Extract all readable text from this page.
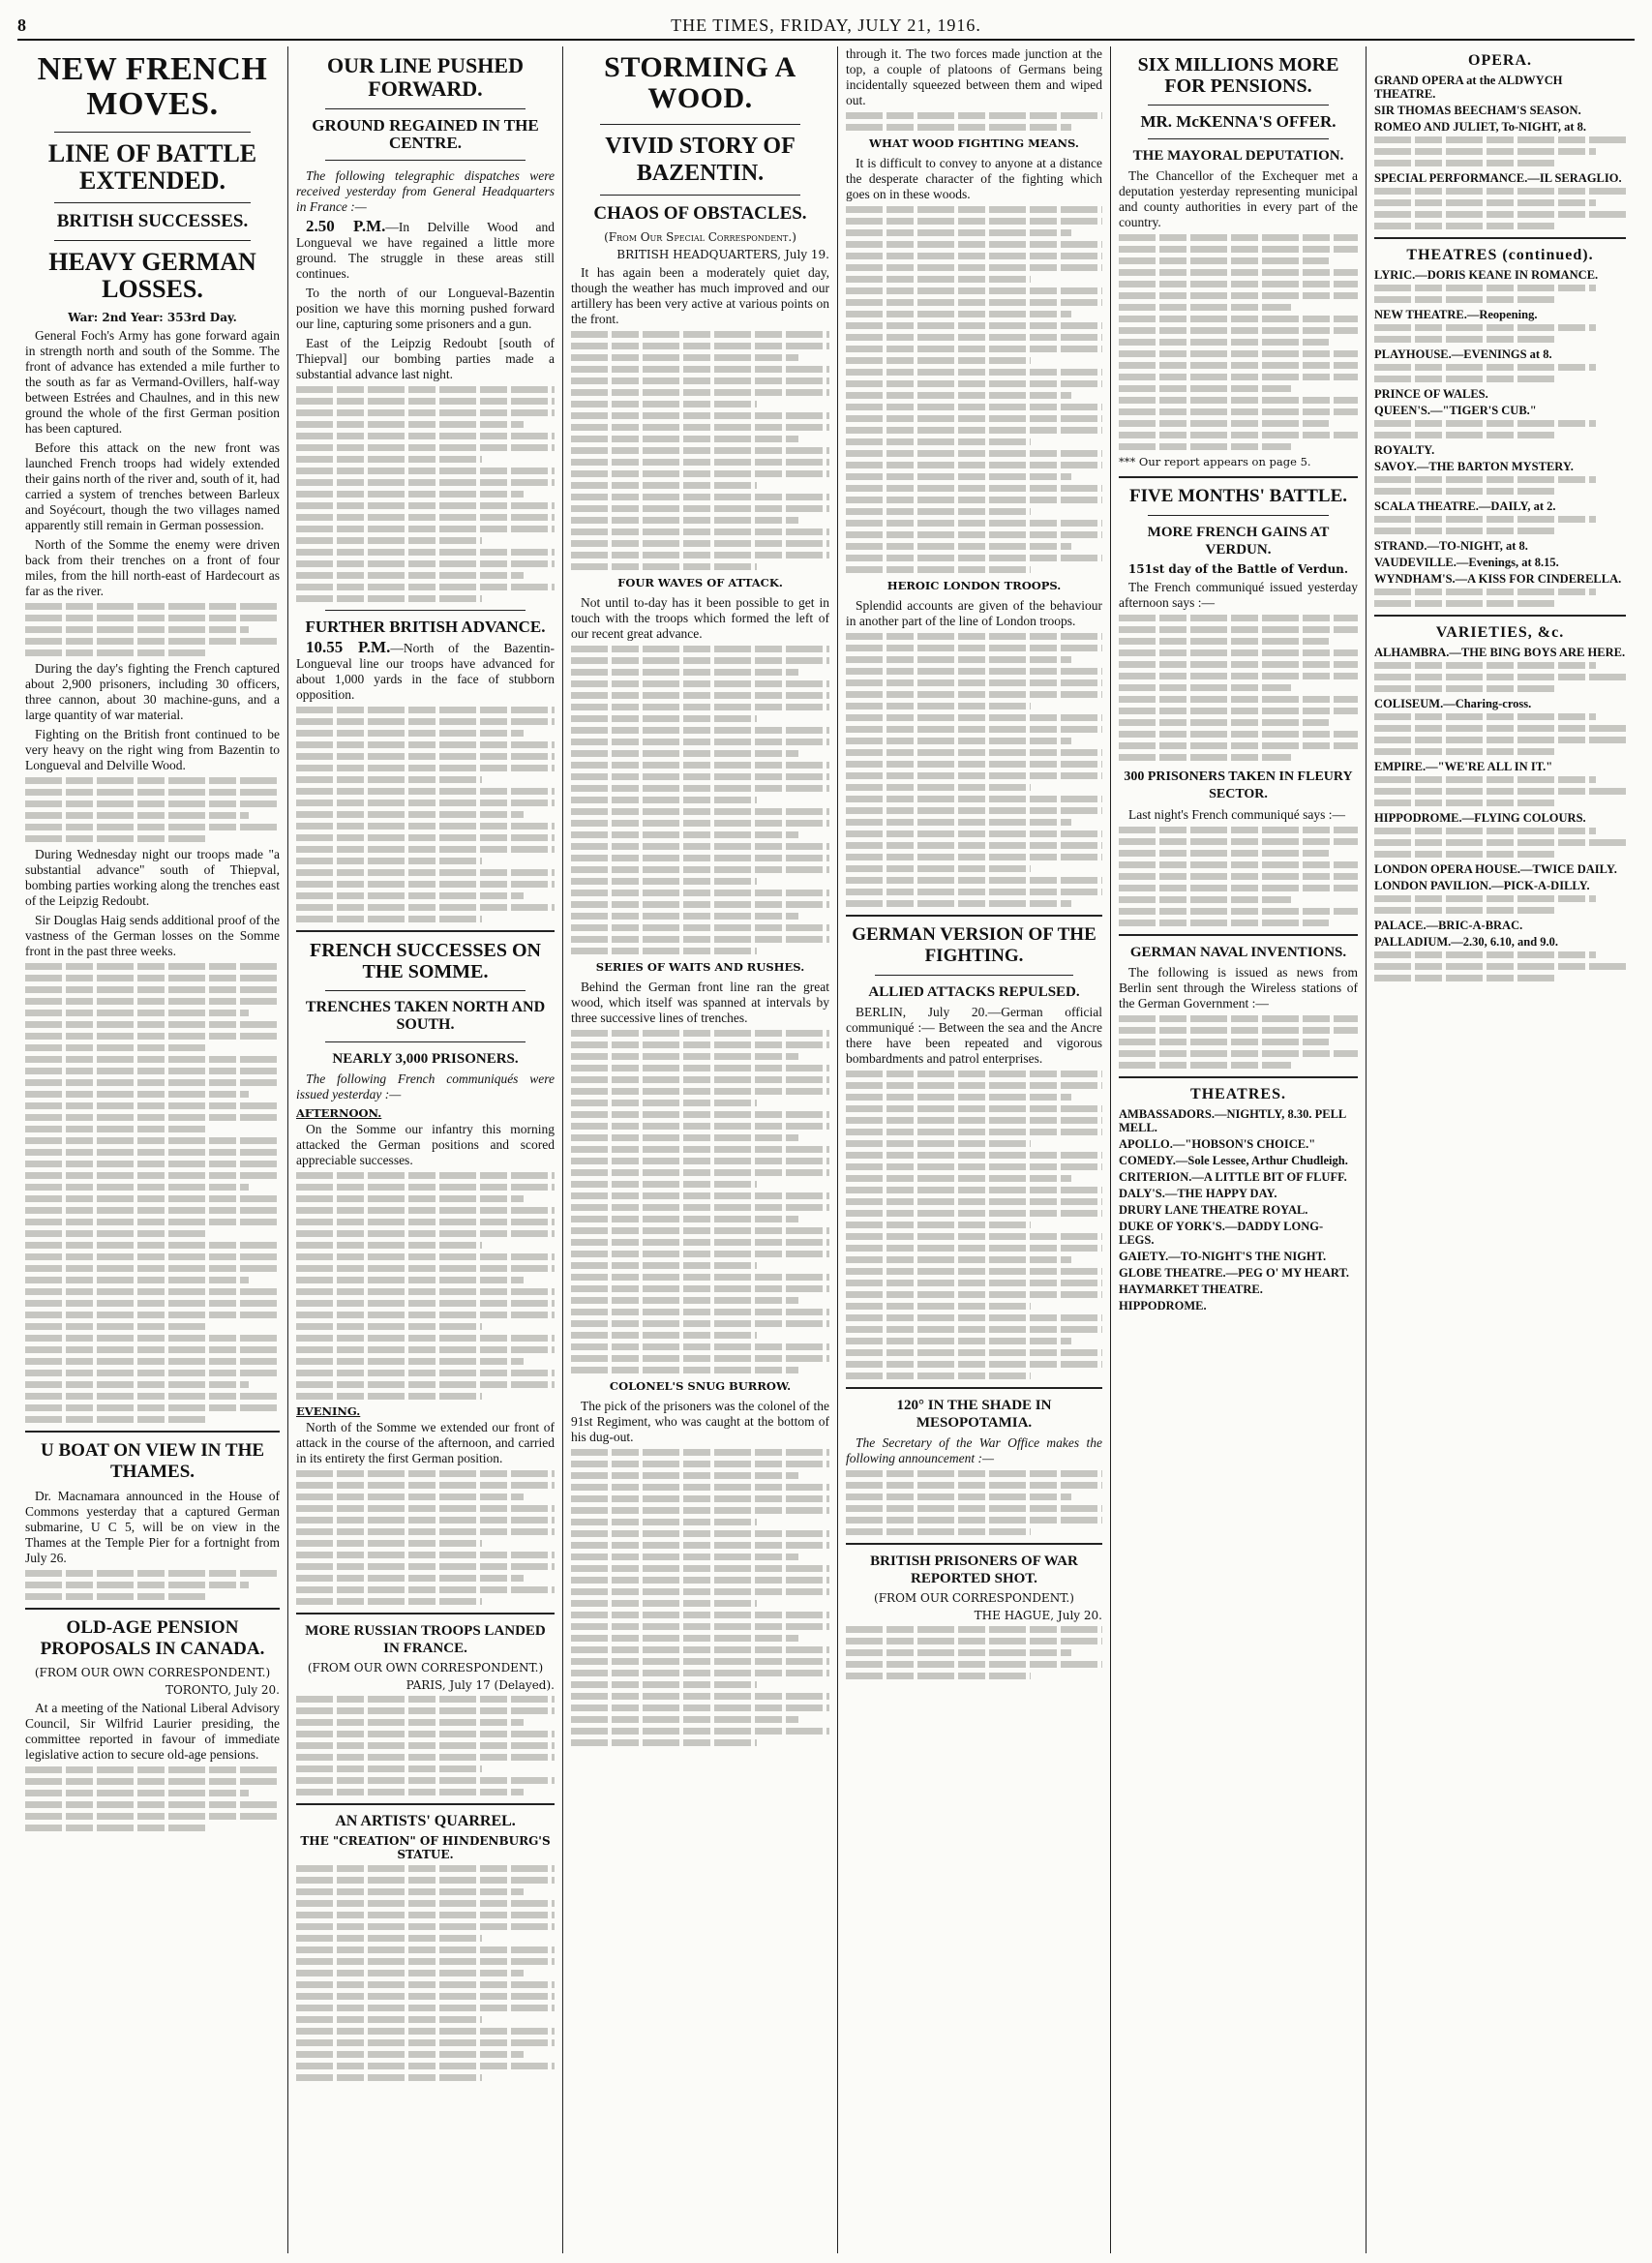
8	THE TIMES, FRIDAY, JULY 21, 1916.
NEW FRENCH MOVES.
LINE OF BATTLE EXTENDED.
BRITISH SUCCESSES.
HEAVY GERMAN LOSSES.
War: 2nd Year: 353rd Day.

General Foch's Army has gone forward again in strength north and south of the Somme. The front of advance has extended a mile further to the south as far as Vermand-Ovillers, half-way between Estrées and Chaulnes, and in this new ground the whole of the first German position has been captured.

Before this attack on the new front was launched French troops had widely extended their gains north of the river and, south of it, had carried a system of trenches between Barleux and Soyécourt, though the two villages named apparently still remain in German possession.

North of the Somme the enemy were driven back from their trenches on a front of four miles, from the hill north-east of Hardecourt as far as the river.

During the day's fighting the French captured about 2,900 prisoners, including 30 officers, three cannon, about 30 machine-guns, and a large quantity of war material.

Fighting on the British front continued to be very heavy on the right wing from Bazentin to Longueval and Delville Wood.

During Wednesday night our troops made "a substantial advance" south of Thiepval, bombing parties working along the trenches east of the Leipzig Redoubt.

Sir Douglas Haig sends additional proof of the vastness of the German losses on the Somme front in the past three weeks.

U BOAT ON VIEW IN THE THAMES.

Dr. Macnamara announced in the House of Commons yesterday that a captured German submarine, U C 5, will be on view in the Thames at the Temple Pier for a fortnight from July 26.

OLD-AGE PENSION PROPOSALS IN CANADA.
(FROM OUR OWN CORRESPONDENT.)
TORONTO, July 20.

At a meeting of the National Liberal Advisory Council, Sir Wilfrid Laurier presiding, the committee reported in favour of immediate legislative action to secure old-age pensions.

OUR LINE PUSHED FORWARD.
GROUND REGAINED IN THE CENTRE.

The following telegraphic dispatches were received yesterday from General Headquarters in France :—

2.50 P.M.—In Delville Wood and Longueval we have regained a little more ground. The struggle in these areas still continues.

To the north of our Longueval-Bazentin position we have this morning pushed forward our line, capturing some prisoners and a gun.

East of the Leipzig Redoubt [south of Thiepval] our bombing parties made a substantial advance last night.

FURTHER BRITISH ADVANCE.

10.55 P.M.—North of the Bazentin-Longueval line our troops have advanced for about 1,000 yards in the face of stubborn opposition.

FRENCH SUCCESSES ON THE SOMME.
TRENCHES TAKEN NORTH AND SOUTH.
NEARLY 3,000 PRISONERS.

The following French communiqués were issued yesterday :—

AFTERNOON.

On the Somme our infantry this morning attacked the German positions and scored appreciable successes.

EVENING.

North of the Somme we extended our front of attack in the course of the afternoon, and carried in its entirety the first German position.

MORE RUSSIAN TROOPS LANDED IN FRANCE.
(FROM OUR OWN CORRESPONDENT.)
PARIS, July 17 (Delayed).
AN ARTISTS' QUARREL.
THE "CREATION" OF HINDENBURG'S STATUE.
STORMING A WOOD.
VIVID STORY OF BAZENTIN.
CHAOS OF OBSTACLES.
(From Our Special Correspondent.)
BRITISH HEADQUARTERS, July 19.

It has again been a moderately quiet day, though the weather has much improved and our artillery has been very active at various points on the front.

FOUR WAVES OF ATTACK.

Not until to-day has it been possible to get in touch with the troops which formed the left of our recent great advance.

SERIES OF WAITS AND RUSHES.

Behind the German front line ran the great wood, which itself was spanned at intervals by three successive lines of trenches.

COLONEL'S SNUG BURROW.

The pick of the prisoners was the colonel of the 91st Regiment, who was caught at the bottom of his dug-out.

through it. The two forces made junction at the top, a couple of platoons of Germans being incidentally squeezed between them and wiped out.

WHAT WOOD FIGHTING MEANS.

It is difficult to convey to anyone at a distance the desperate character of the fighting which goes on in these woods.

HEROIC LONDON TROOPS.

Splendid accounts are given of the behaviour in another part of the line of London troops.

GERMAN VERSION OF THE FIGHTING.
ALLIED ATTACKS REPULSED.

BERLIN, July 20.—German official communiqué :— Between the sea and the Ancre there have been repeated and vigorous bombardments and patrol enterprises.

120° IN THE SHADE IN MESOPOTAMIA.

The Secretary of the War Office makes the following announcement :—

BRITISH PRISONERS OF WAR REPORTED SHOT.
(FROM OUR CORRESPONDENT.)
THE HAGUE, July 20.
SIX MILLIONS MORE FOR PENSIONS.
MR. McKENNA'S OFFER.
THE MAYORAL DEPUTATION.

The Chancellor of the Exchequer met a deputation yesterday representing municipal and county authorities in every part of the country.

*** Our report appears on page 5.
FIVE MONTHS' BATTLE.
MORE FRENCH GAINS AT VERDUN.
151st day of the Battle of Verdun.

The French communiqué issued yesterday afternoon says :—

300 PRISONERS TAKEN IN FLEURY SECTOR.

Last night's French communiqué says :—

GERMAN NAVAL INVENTIONS.

The following is issued as news from Berlin sent through the Wireless stations of the German Government :—

THEATRES.
AMBASSADORS.—NIGHTLY, 8.30. PELL MELL.
APOLLO.—"HOBSON'S CHOICE."
COMEDY.—Sole Lessee, Arthur Chudleigh.
CRITERION.—A LITTLE BIT OF FLUFF.
DALY'S.—THE HAPPY DAY.
DRURY LANE THEATRE ROYAL.
DUKE OF YORK'S.—DADDY LONG-LEGS.
GAIETY.—TO-NIGHT'S THE NIGHT.
GLOBE THEATRE.—PEG O' MY HEART.
HAYMARKET THEATRE.
HIPPODROME.
OPERA.
GRAND OPERA at the ALDWYCH THEATRE.
SIR THOMAS BEECHAM'S SEASON.
ROMEO AND JULIET, To-NIGHT, at 8.
SPECIAL PERFORMANCE.—IL SERAGLIO.
THEATRES (continued).
LYRIC.—DORIS KEANE IN ROMANCE.
NEW THEATRE.—Reopening.
PLAYHOUSE.—EVENINGS at 8.
PRINCE OF WALES.
QUEEN'S.—"TIGER'S CUB."
ROYALTY.
SAVOY.—THE BARTON MYSTERY.
SCALA THEATRE.—DAILY, at 2.
STRAND.—TO-NIGHT, at 8.
VAUDEVILLE.—Evenings, at 8.15.
WYNDHAM'S.—A KISS FOR CINDERELLA.
VARIETIES, &c.
ALHAMBRA.—THE BING BOYS ARE HERE.
COLISEUM.—Charing-cross.
EMPIRE.—"WE'RE ALL IN IT."
HIPPODROME.—FLYING COLOURS.
LONDON OPERA HOUSE.—TWICE DAILY.
LONDON PAVILION.—PICK-A-DILLY.
PALACE.—BRIC-A-BRAC.
PALLADIUM.—2.30, 6.10, and 9.0.
